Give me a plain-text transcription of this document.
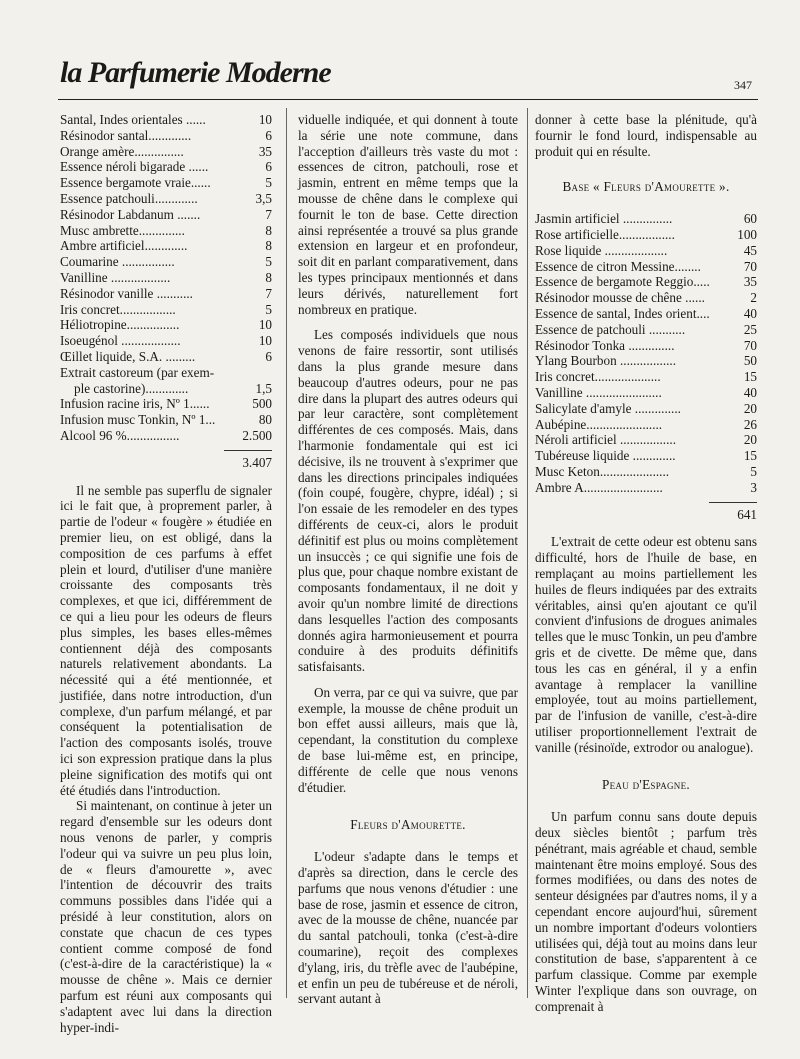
la Parfumerie Moderne	347
Santal, Indes orientales ......	10
Résinodor santal.............	6
Orange amère...............	35
Essence néroli bigarade ......	6
Essence bergamote vraie......	5
Essence patchouli.............	3,5
Résinodor Labdanum .......	7
Musc ambrette..............	8
Ambre artificiel.............	8
Coumarine ................	5
Vanilline ..................	8
Résinodor vanille ...........	7
Iris concret.................	5
Héliotropine................	10
Isoeugénol ..................	10
Œillet liquide, S.A. .........	6
Extrait castoreum (par exem-	
ple castorine).............	1,5
Infusion racine iris, Nº 1......	500
Infusion musc Tonkin, Nº 1...	80
Alcool 96 %................	2.500
3.407

Il ne semble pas superflu de signaler ici le fait que, à proprement parler, à partie de l'odeur « fougère » étudiée en premier lieu, on est obligé, dans la composition de ces parfums à effet plein et lourd, d'utiliser d'une manière croissante des composants très complexes, et que ici, différemment de ce qui a lieu pour les odeurs de fleurs plus simples, les bases elles-mêmes contiennent déjà des composants naturels relativement abondants. La nécessité qui a été mentionnée, et justifiée, dans notre introduction, d'un complexe, d'un parfum mélangé, et par conséquent la potentialisation de l'action des composants isolés, trouve ici son expression pratique dans la plus pleine signification des motifs qui ont été étudiés dans l'introduction.

Si maintenant, on continue à jeter un regard d'ensemble sur les odeurs dont nous venons de parler, y compris l'odeur qui va suivre un peu plus loin, de « fleurs d'amourette », avec l'intention de découvrir des traits communs possibles dans l'idée qui a présidé à leur constitution, alors on constate que chacun de ces types contient comme composé de fond (c'est-à-dire de la caractéristique) la « mousse de chêne ». Mais ce dernier parfum est réuni aux composants qui s'adaptent avec lui dans la direction hyper-indi-

viduelle indiquée, et qui donnent à toute la série une note commune, dans l'acception d'ailleurs très vaste du mot : essences de citron, patchouli, rose et jasmin, entrent en même temps que la mousse de chêne dans le complexe qui fournit le ton de base. Cette direction ainsi représentée a trouvé sa plus grande extension en largeur et en profondeur, soit dit en parlant comparativement, dans les types principaux mentionnés et dans leurs dérivés, naturellement fort nombreux en pratique.

Les composés individuels que nous venons de faire ressortir, sont utilisés dans la plus grande mesure dans beaucoup d'autres odeurs, pour ne pas dire dans la plupart des autres odeurs qui par leur caractère, sont complètement différentes de ces composés. Mais, dans l'harmonie fondamentale qui est ici décisive, ils ne trouvent à s'exprimer que dans les directions principales indiquées (foin coupé, fougère, chypre, idéal) ; si l'on essaie de les remodeler en des types différents de ceux-ci, alors le produit définitif est plus ou moins complètement un insuccès ; ce qui signifie une fois de plus que, pour chaque nombre existant de composants fondamentaux, il ne doit y avoir qu'un nombre limité de directions dans lesquelles l'action des composants donnés agira harmonieusement et pourra conduire à des produits définitifs satisfaisants.

On verra, par ce qui va suivre, que par exemple, la mousse de chêne produit un bon effet aussi ailleurs, mais que là, cependant, la constitution du complexe de base lui-même est, en principe, différente de celle que nous venons d'étudier.

Fleurs d'Amourette.

L'odeur s'adapte dans le temps et d'après sa direction, dans le cercle des parfums que nous venons d'étudier : une base de rose, jasmin et essence de citron, avec de la mousse de chêne, nuancée par du santal patchouli, tonka (c'est-à-dire coumarine), reçoit des complexes d'ylang, iris, du trèfle avec de l'aubépine, et enfin un peu de tubéreuse et de néroli, servant autant à

donner à cette base la plénitude, qu'à fournir le fond lourd, indispensable au produit qui en résulte.

Base « Fleurs d'Amourette ».
Jasmin artificiel ...............	60
Rose artificielle.................	100
Rose liquide ...................	45
Essence de citron Messine........	70
Essence de bergamote Reggio.....	35
Résinodor mousse de chêne ......	2
Essence de santal, Indes orient....	40
Essence de patchouli ...........	25
Résinodor Tonka ..............	70
Ylang Bourbon .................	50
Iris concret....................	15
Vanilline .......................	40
Salicylate d'amyle ..............	20
Aubépine.......................	26
Néroli artificiel .................	20
Tubéreuse liquide .............	15
Musc Keton.....................	5
Ambre A........................	3
641

L'extrait de cette odeur est obtenu sans difficulté, hors de l'huile de base, en remplaçant au moins partiellement les huiles de fleurs indiquées par des extraits véritables, ainsi qu'en ajoutant ce qu'il convient d'infusions de drogues animales telles que le musc Tonkin, un peu d'ambre gris et de civette. De même que, dans tous les cas en général, il y a enfin avantage à remplacer la vanilline employée, tout au moins partiellement, par de l'infusion de vanille, c'est-à-dire utiliser proportionnellement l'extrait de vanille (résinoïde, extrodor ou analogue).

Peau d'Espagne.

Un parfum connu sans doute depuis deux siècles bientôt ; parfum très pénétrant, mais agréable et chaud, semble maintenant être moins employé. Sous des formes modifiées, ou dans des notes de senteur désignées par d'autres noms, il y a cependant encore aujourd'hui, sûrement un nombre important d'odeurs volontiers utilisées qui, déjà tout au moins dans leur constitution de base, s'apparentent à ce parfum classique. Comme par exemple Winter l'explique dans son ouvrage, on comprenait à
